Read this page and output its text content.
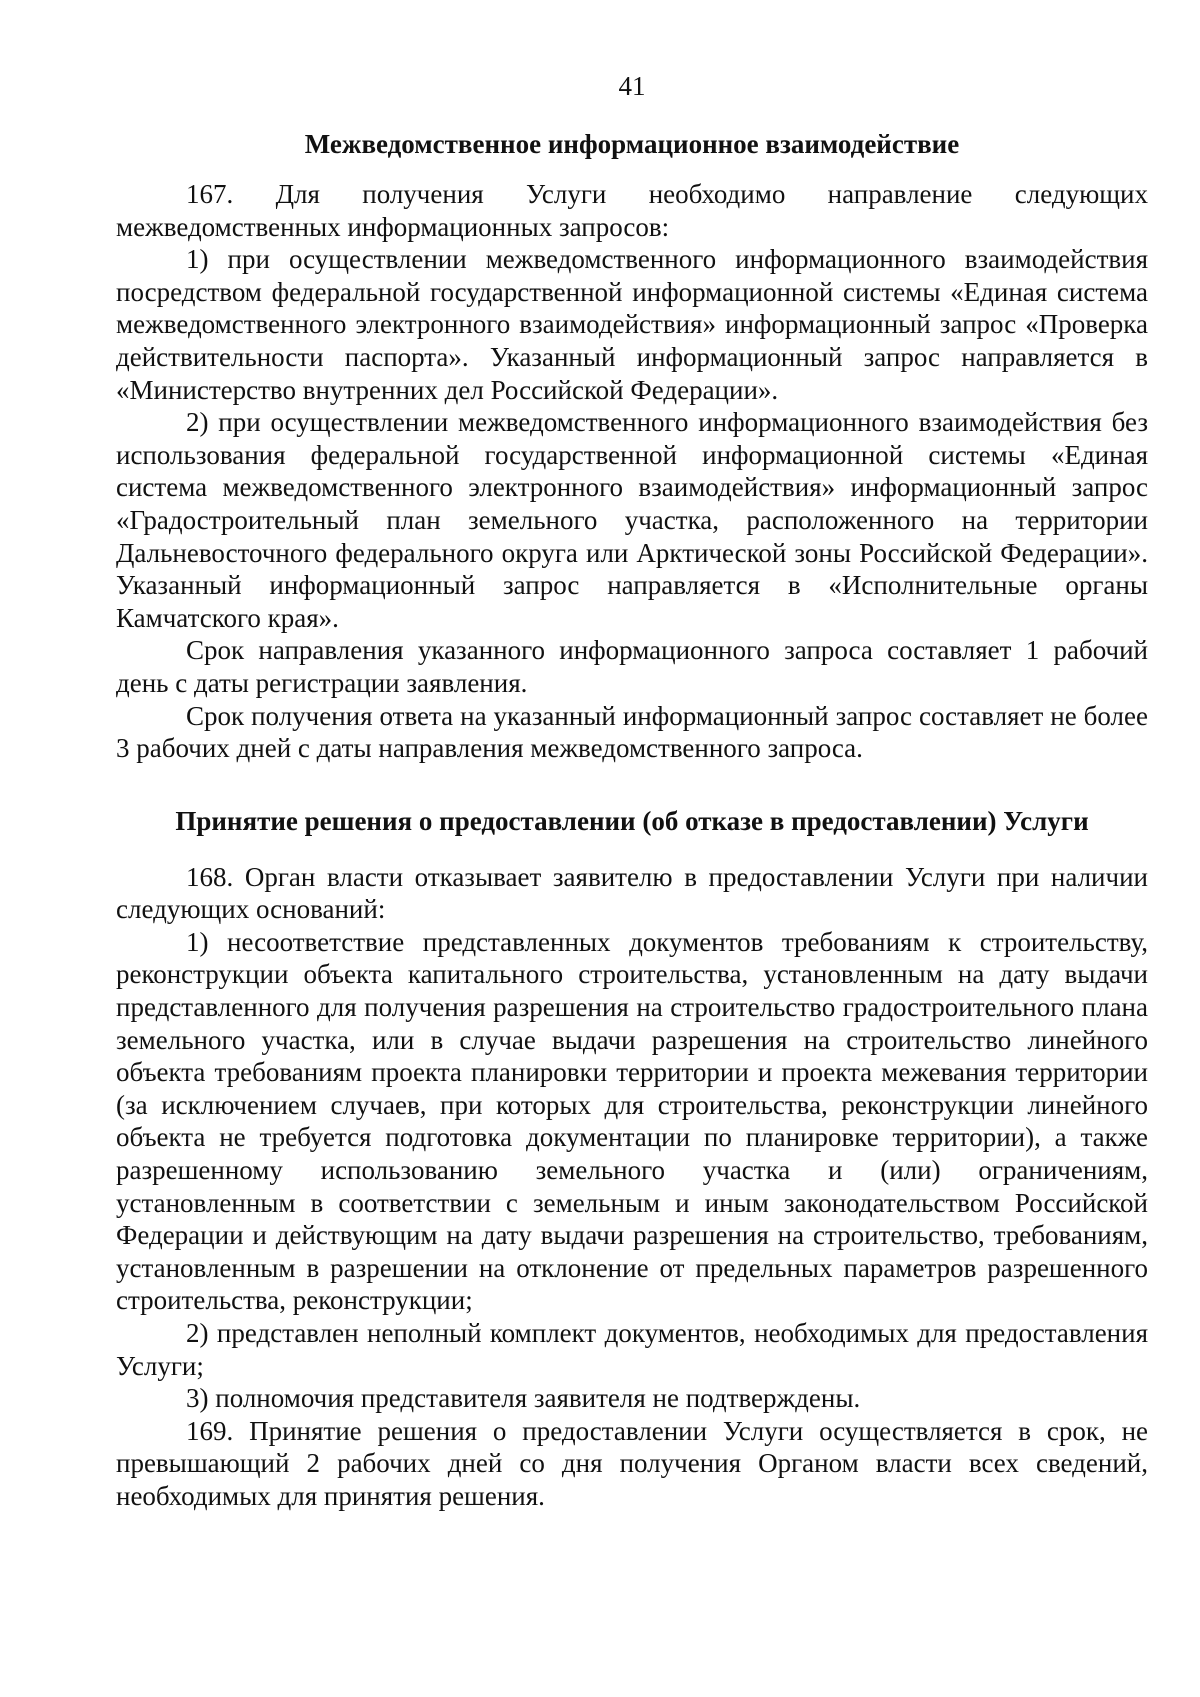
41
Межведомственное информационное взаимодействие

167. Для получения Услуги необходимо направление следующих межведомственных информационных запросов:

1) при осуществлении межведомственного информационного взаимодействия посредством федеральной государственной информационной системы «Единая система межведомственного электронного взаимодействия» информационный запрос «Проверка действительности паспорта». Указанный информационный запрос направляется в «Министерство внутренних дел Российской Федерации».

2) при осуществлении межведомственного информационного взаимодействия без использования федеральной государственной информационной системы «Единая система межведомственного электронного взаимодействия» информационный запрос «Градостроительный план земельного участка, расположенного на территории Дальневосточного федерального округа или Арктической зоны Российской Федерации». Указанный информационный запрос направляется в «Исполнительные органы Камчатского края».

Срок направления указанного информационного запроса составляет 1 рабочий день с даты регистрации заявления.

Срок получения ответа на указанный информационный запрос составляет не более 3 рабочих дней с даты направления межведомственного запроса.

Принятие решения о предоставлении (об отказе в предоставлении) Услуги

168. Орган власти отказывает заявителю в предоставлении Услуги при наличии следующих оснований:

1) несоответствие представленных документов требованиям к строительству, реконструкции объекта капитального строительства, установленным на дату выдачи представленного для получения разрешения на строительство градостроительного плана земельного участка, или в случае выдачи разрешения на строительство линейного объекта требованиям проекта планировки территории и проекта межевания территории (за исключением случаев, при которых для строительства, реконструкции линейного объекта не требуется подготовка документации по планировке территории), а также разрешенному использованию земельного участка и (или) ограничениям, установленным в соответствии с земельным и иным законодательством Российской Федерации и действующим на дату выдачи разрешения на строительство, требованиям, установленным в разрешении на отклонение от предельных параметров разрешенного строительства, реконструкции;

2) представлен неполный комплект документов, необходимых для предоставления Услуги;

3) полномочия представителя заявителя не подтверждены.

169. Принятие решения о предоставлении Услуги осуществляется в срок, не превышающий 2 рабочих дней со дня получения Органом власти всех сведений, необходимых для принятия решения.
